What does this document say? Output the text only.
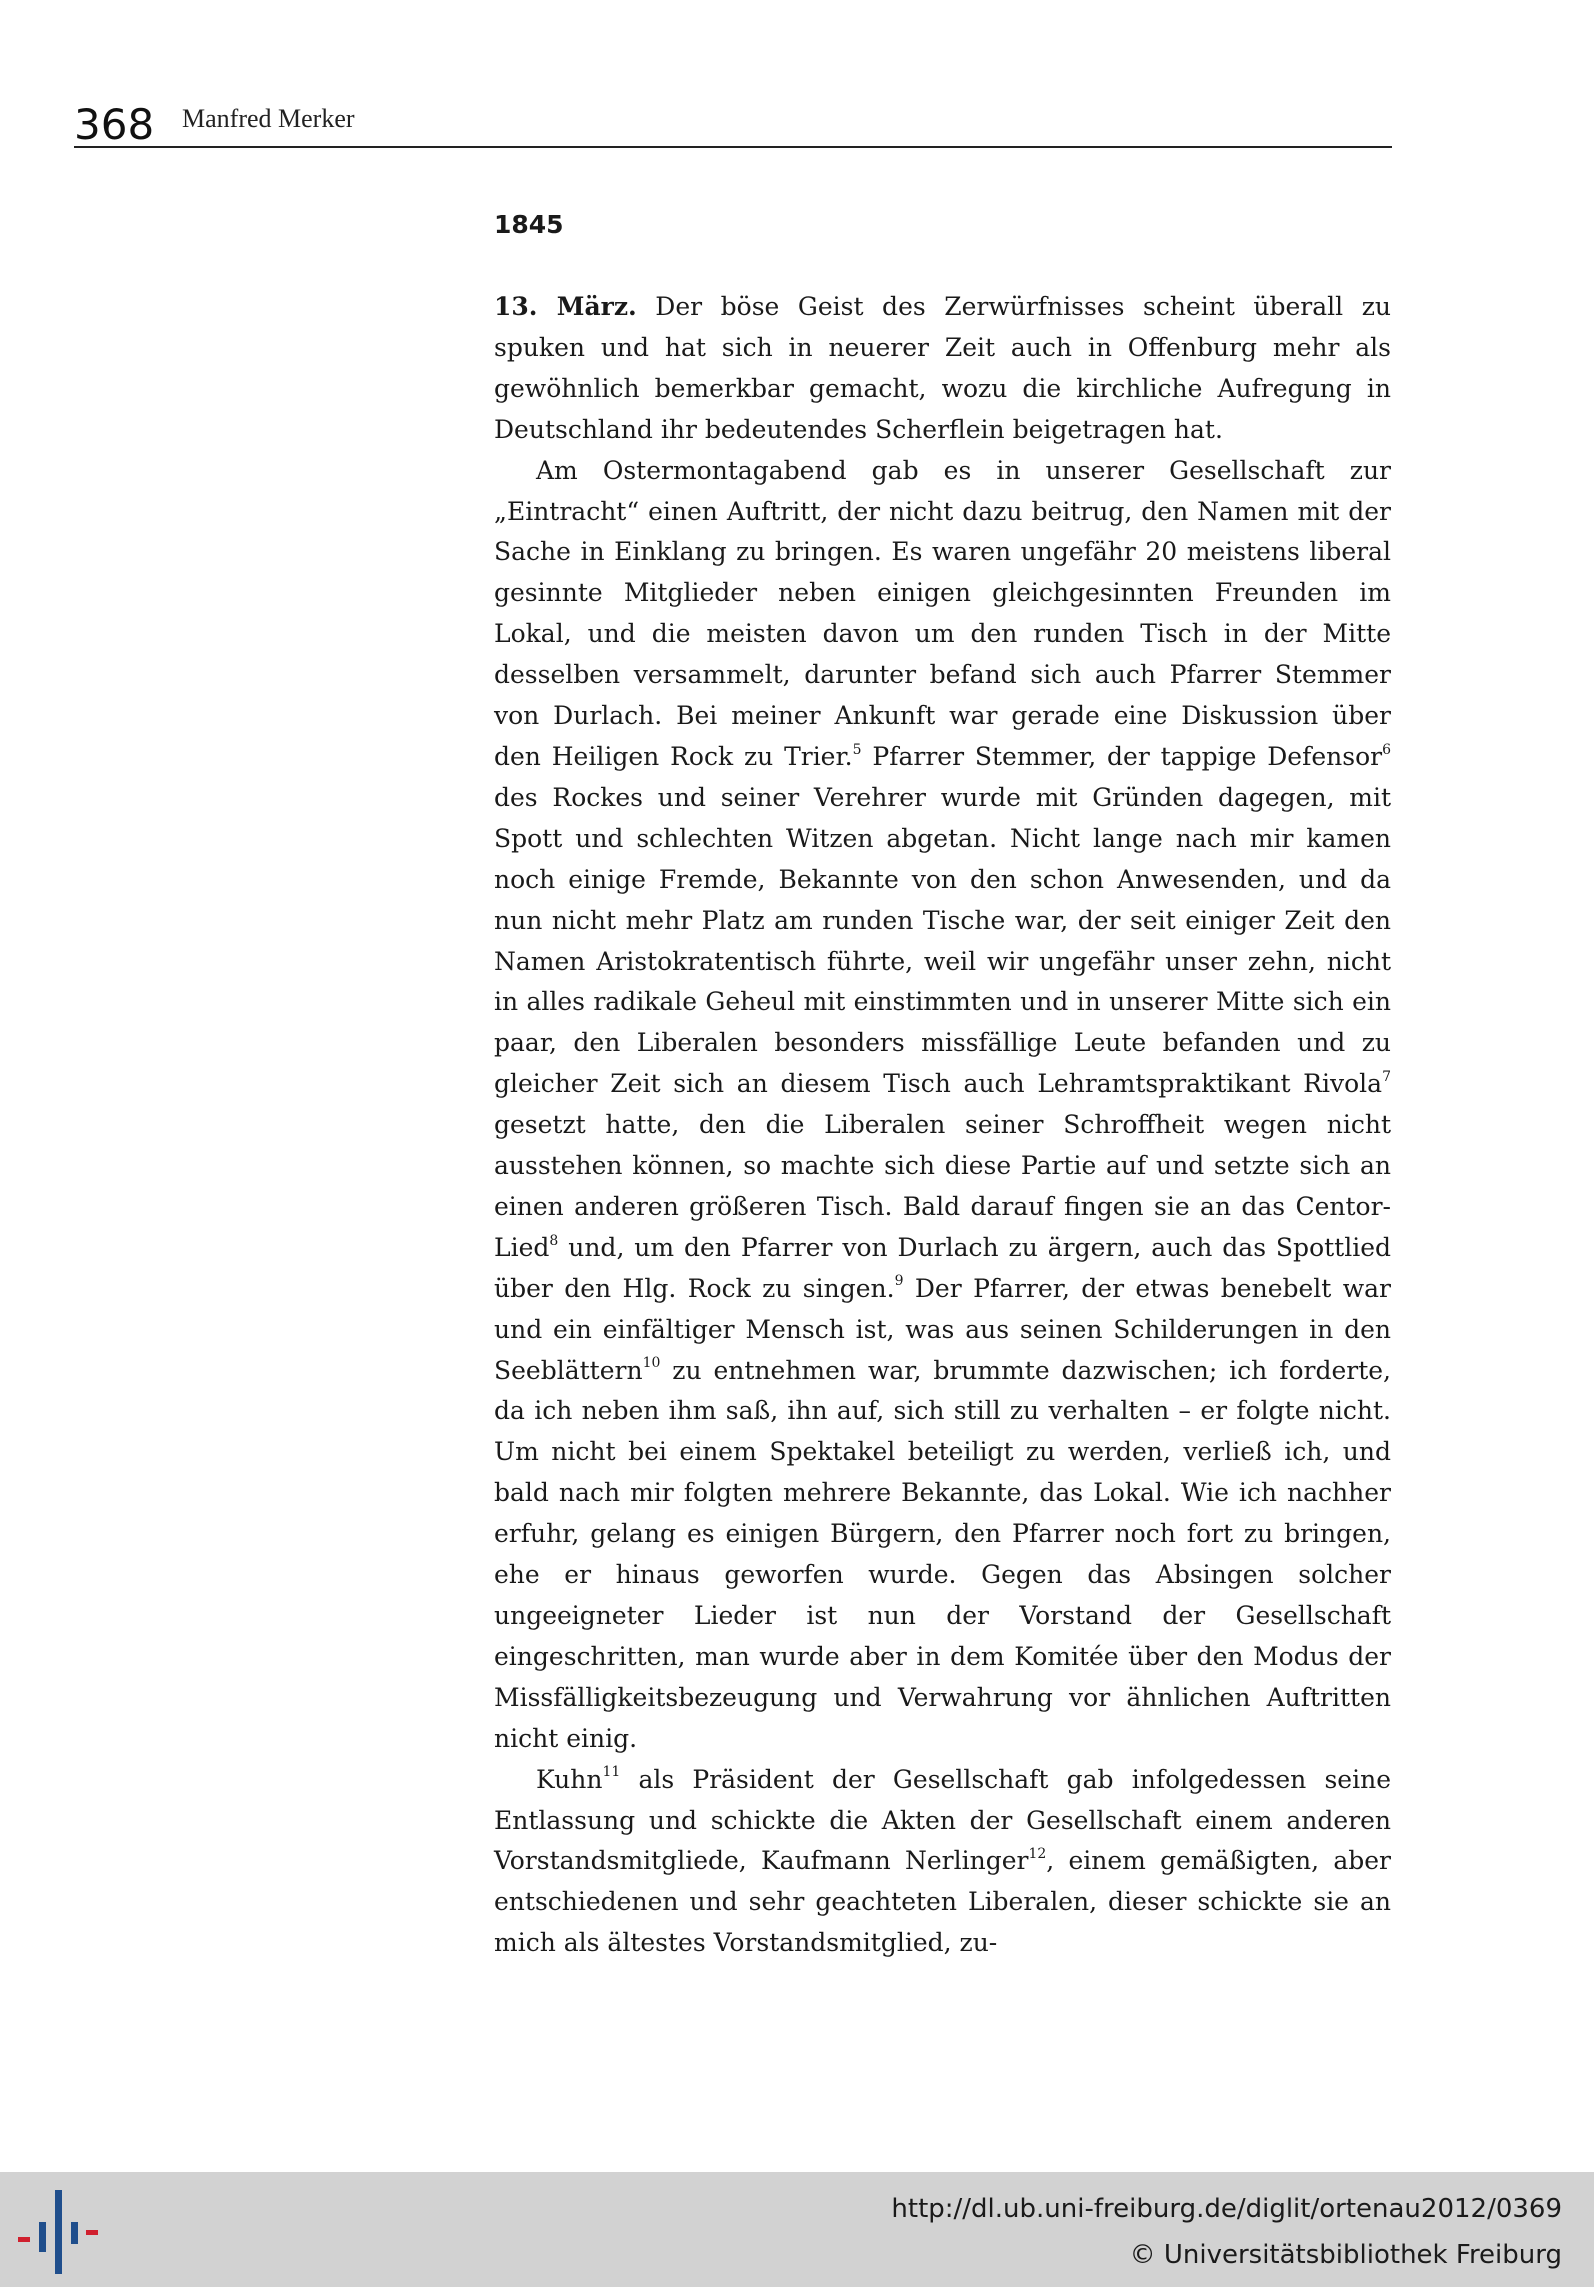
368 Manfred Merker
1845

13. März. Der böse Geist des Zerwürfnisses scheint überall zu spuken und hat sich in neuerer Zeit auch in Offenburg mehr als gewöhnlich bemerkbar gemacht, wozu die kirchliche Aufregung in Deutschland ihr bedeutendes Scherflein beigetragen hat.

Am Ostermontagabend gab es in unserer Gesellschaft zur „Eintracht“ einen Auftritt, der nicht dazu beitrug, den Namen mit der Sache in Einklang zu bringen. Es waren ungefähr 20 meistens liberal gesinnte Mitglieder neben einigen gleichgesinnten Freunden im Lokal, und die meisten davon um den runden Tisch in der Mitte desselben versammelt, darunter befand sich auch Pfarrer Stemmer von Durlach. Bei meiner Ankunft war gerade eine Diskussion über den Heiligen Rock zu Trier.$^5$ Pfarrer Stemmer, der tappige Defensor$^6$ des Rockes und seiner Verehrer wurde mit Gründen dagegen, mit Spott und schlechten Witzen abgetan. Nicht lange nach mir kamen noch einige Fremde, Bekannte von den schon Anwesenden, und da nun nicht mehr Platz am runden Tische war, der seit einiger Zeit den Namen Aristokratentisch führte, weil wir ungefähr unser zehn, nicht in alles radikale Geheul mit einstimmten und in unserer Mitte sich ein paar, den Liberalen besonders missfällige Leute befanden und zu gleicher Zeit sich an diesem Tisch auch Lehramtspraktikant Rivola$^7$ gesetzt hatte, den die Liberalen seiner Schroffheit wegen nicht ausstehen können, so machte sich diese Partie auf und setzte sich an einen anderen größeren Tisch. Bald darauf fingen sie an das Centor-Lied$^8$ und, um den Pfarrer von Durlach zu ärgern, auch das Spottlied über den Hlg. Rock zu singen.$^9$ Der Pfarrer, der etwas benebelt war und ein einfältiger Mensch ist, was aus seinen Schilderungen in den Seeblättern$^{10}$ zu entnehmen war, brummte dazwischen; ich forderte, da ich neben ihm saß, ihn auf, sich still zu verhalten – er folgte nicht. Um nicht bei einem Spektakel beteiligt zu werden, verließ ich, und bald nach mir folgten mehrere Bekannte, das Lokal. Wie ich nachher erfuhr, gelang es einigen Bürgern, den Pfarrer noch fort zu bringen, ehe er hinaus geworfen wurde. Gegen das Absingen solcher ungeeigneter Lieder ist nun der Vorstand der Gesellschaft eingeschritten, man wurde aber in dem Komitée über den Modus der Missfälligkeitsbezeugung und Verwahrung vor ähnlichen Auftritten nicht einig.

Kuhn$^{11}$ als Präsident der Gesellschaft gab infolgedessen seine Entlassung und schickte die Akten der Gesellschaft einem anderen Vorstandsmitgliede, Kaufmann Nerlinger$^{12}$, einem gemäßigten, aber entschiedenen und sehr geachteten Liberalen, dieser schickte sie an mich als ältestes Vorstandsmitglied, zu-

http://dl.ub.uni-freiburg.de/diglit/ortenau2012/0369
© Universitätsbibliothek Freiburg
